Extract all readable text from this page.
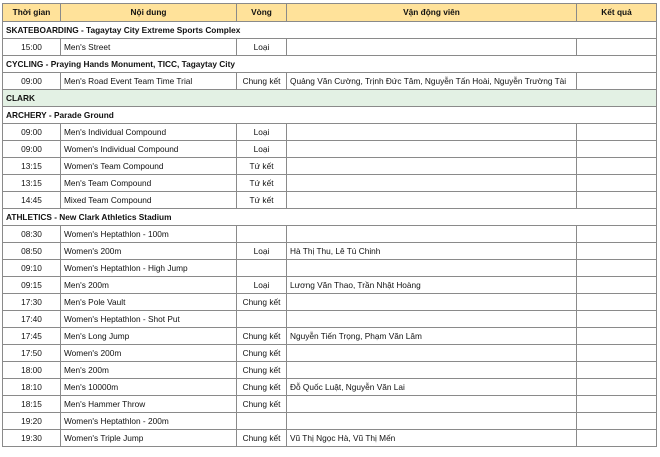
Thời gian	Nội dung	Vòng	Vận động viên	Kết quả
SKATEBOARDING - Tagaytay City Extreme Sports Complex				
15:00	Men's Street	Loại		
CYCLING - Praying Hands Monument, TICC, Tagaytay City				
09:00	Men's Road Event Team Time Trial	Chung kết	Quảng Văn Cường, Trịnh Đức Tâm, Nguyễn Tấn Hoài, Nguyễn Trường Tài	
CLARK				
ARCHERY - Parade Ground				
09:00	Men's Individual Compound	Loại		
09:00	Women's Individual Compound	Loại		
13:15	Women's Team Compound	Tứ kết		
13:15	Men's Team Compound	Tứ kết		
14:45	Mixed Team Compound	Tứ kết		
ATHLETICS - New Clark Athletics Stadium				
08:30	Women's Heptathlon - 100m			
08:50	Women's 200m	Loại	Hà Thị Thu, Lê Tú Chinh	
09:10	Women's Heptathlon - High Jump			
09:15	Men's 200m	Loại	Lương Văn Thao, Trần Nhật Hoàng	
17:30	Men's Pole Vault	Chung kết		
17:40	Women's Heptathlon - Shot Put			
17:45	Men's Long Jump	Chung kết	Nguyễn Tiến Trọng, Phạm Văn Lâm	
17:50	Women's 200m	Chung kết		
18:00	Men's 200m	Chung kết		
18:10	Men's 10000m	Chung kết	Đỗ Quốc Luật, Nguyễn Văn Lai	
18:15	Men's Hammer Throw	Chung kết		
19:20	Women's Heptathlon - 200m			
19:30	Women's Triple Jump	Chung kết	Vũ Thị Ngọc Hà, Vũ Thị Mến	
